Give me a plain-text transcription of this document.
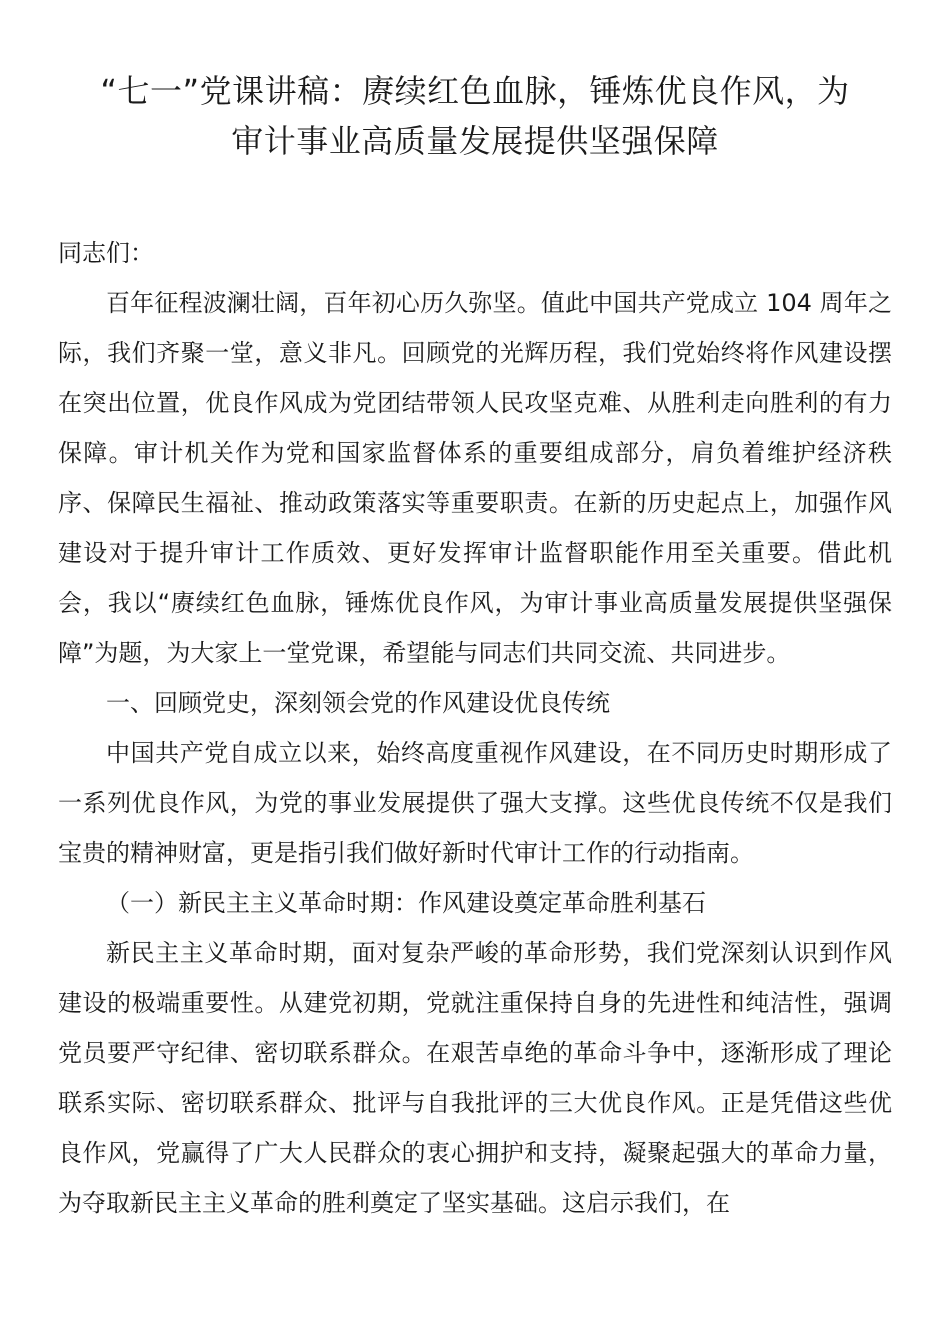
“七一”党课讲稿：赓续红色血脉，锤炼优良作风，为
审计事业高质量发展提供坚强保障

同志们：

百年征程波澜壮阔，百年初心历久弥坚。值此中国共产党成立 104 周年之际，我们齐聚一堂，意义非凡。回顾党的光辉历程，我们党始终将作风建设摆在突出位置，优良作风成为党团结带领人民攻坚克难、从胜利走向胜利的有力保障。审计机关作为党和国家监督体系的重要组成部分，肩负着维护经济秩序、保障民生福祉、推动政策落实等重要职责。在新的历史起点上，加强作风建设对于提升审计工作质效、更好发挥审计监督职能作用至关重要。借此机会，我以“赓续红色血脉，锤炼优良作风，为审计事业高质量发展提供坚强保障”为题，为大家上一堂党课，希望能与同志们共同交流、共同进步。

一、回顾党史，深刻领会党的作风建设优良传统

中国共产党自成立以来，始终高度重视作风建设，在不同历史时期形成了一系列优良作风，为党的事业发展提供了强大支撑。这些优良传统不仅是我们宝贵的精神财富，更是指引我们做好新时代审计工作的行动指南。

（一）新民主主义革命时期：作风建设奠定革命胜利基石

新民主主义革命时期，面对复杂严峻的革命形势，我们党深刻认识到作风建设的极端重要性。从建党初期，党就注重保持自身的先进性和纯洁性，强调党员要严守纪律、密切联系群众。在艰苦卓绝的革命斗争中，逐渐形成了理论联系实际、密切联系群众、批评与自我批评的三大优良作风。正是凭借这些优良作风，党赢得了广大人民群众的衷心拥护和支持，凝聚起强大的革命力量，为夺取新民主主义革命的胜利奠定了坚实基础。这启示我们，在
